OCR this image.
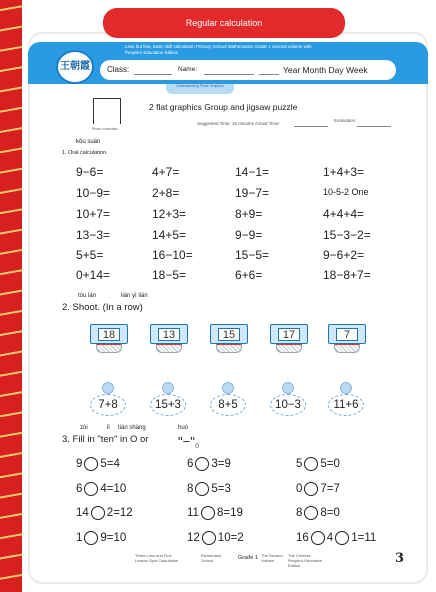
Regular calculation
王朝霞
Less but fine, basic skill calculation Primary School Mathematics Grade 1 second volume with People's Education Edition
Class:	Name:	Year Month Day Week
Understanding Plane Graphics
Photo correction
2 flat graphics Group and jigsaw puzzle
Suggested Time: 15 minutes Actual Time:
Evaluation:
kǒu suàn
1. Oral calculation.
9−6=	4+7=	14−1=	1+4+3=
10−9=	2+8=	19−7=	10-5-2 One
10+7=	12+3=	8+9=	4+4+4=
13−3=	14+5=	9−9=	15−3−2=
5+5=	16−10=	15−5=	9−6+2=
0+14=	18−5=	6+6=	18−8+7=
tóu lán	lián yì lián
2. Shoot. (In a row)
18	13	15	17	7
7+8	15+3	8+5	10−3	11+6
zòi	lǐ tián shàng	huò
3. Fill in "ten" in O or "−"。
9 5=4	6 3=9	5 5=0
6 4=10	8 5=3	0 7=7
14 2=12	11 8=19	8 8=0
1 9=10	12 10=2	16 4 1=11
Three Less and Fine Lesson Spot Calculation
Elementary School	Grade 1 The Second Volume
The Chinese People's Education Edition	3
